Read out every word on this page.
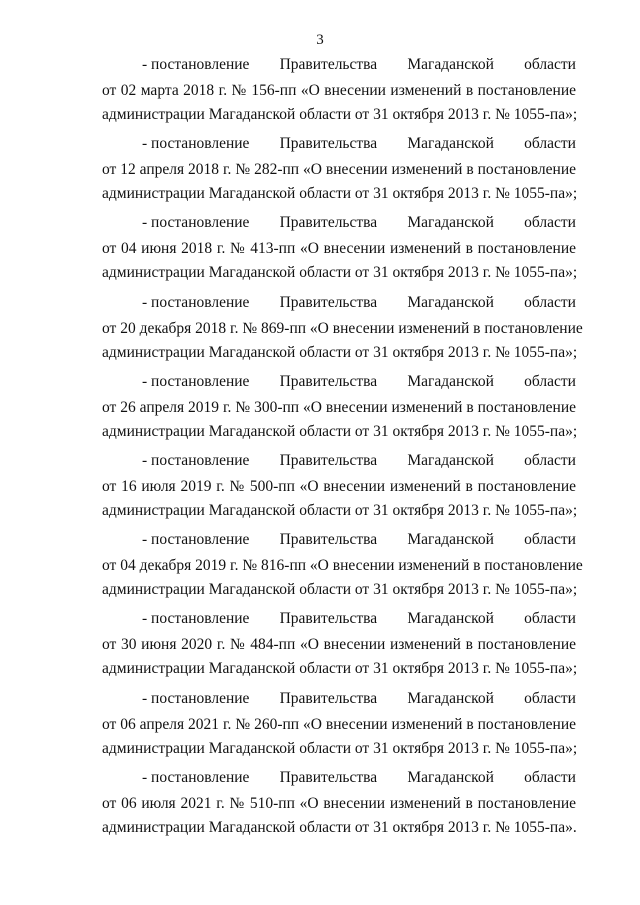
3
- постановление Правительства Магаданской области
от 02 марта 2018 г. № 156-пп «О внесении изменений в постановление
администрации Магаданской области от 31 октября 2013 г. № 1055-па»;
- постановление Правительства Магаданской области
от 12 апреля 2018 г. № 282-пп «О внесении изменений в постановление
администрации Магаданской области от 31 октября 2013 г. № 1055-па»;
- постановление Правительства Магаданской области
от 04 июня 2018 г. № 413-пп «О внесении изменений в постановление
администрации Магаданской области от 31 октября 2013 г. № 1055-па»;
- постановление Правительства Магаданской области
от 20 декабря 2018 г. № 869-пп «О внесении изменений в постановление
администрации Магаданской области от 31 октября 2013 г. № 1055-па»;
- постановление Правительства Магаданской области
от 26 апреля 2019 г. № 300-пп «О внесении изменений в постановление
администрации Магаданской области от 31 октября 2013 г. № 1055-па»;
- постановление Правительства Магаданской области
от 16 июля 2019 г. № 500-пп «О внесении изменений в постановление
администрации Магаданской области от 31 октября 2013 г. № 1055-па»;
- постановление Правительства Магаданской области
от 04 декабря 2019 г. № 816-пп «О внесении изменений в постановление
администрации Магаданской области от 31 октября 2013 г. № 1055-па»;
- постановление Правительства Магаданской области
от 30 июня 2020 г. № 484-пп «О внесении изменений в постановление
администрации Магаданской области от 31 октября 2013 г. № 1055-па»;
- постановление Правительства Магаданской области
от 06 апреля 2021 г. № 260-пп «О внесении изменений в постановление
администрации Магаданской области от 31 октября 2013 г. № 1055-па»;
- постановление Правительства Магаданской области
от 06 июля 2021 г. № 510-пп «О внесении изменений в постановление
администрации Магаданской области от 31 октября 2013 г. № 1055-па».
